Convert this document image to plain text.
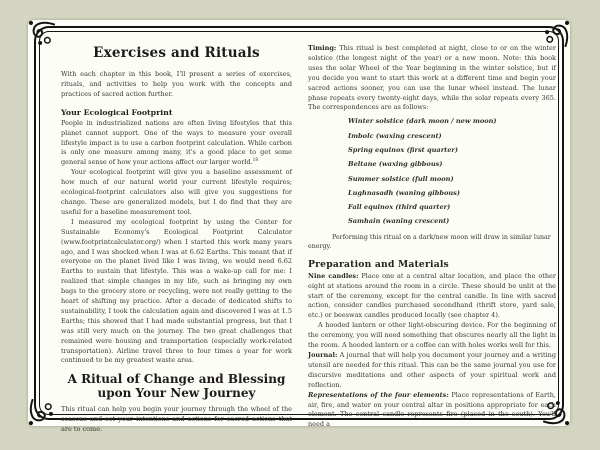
Exercises and Rituals

With each chapter in this book, I'll present a series of exercises, rituals, and activities to help you work with the concepts and practices of sacred action further.

Your Ecological Footprint

People in industrialized nations are often living lifestyles that this planet cannot support. One of the ways to measure your overall lifestyle impact is to use a carbon footprint calculation. While carbon is only one measure among many, it's a good place to get some general sense of how your actions affect our larger world.$^{18}$

Your ecological footprint will give you a baseline assessment of how much of our natural world your current lifestyle requires; ecological-footprint calculators also will give you suggestions for change. These are generalized models, but I do find that they are useful for a baseline measurement tool.

I measured my ecological footprint by using the Center for Sustainable Economy's Ecological Footprint Calculator (www.footprintcalculator.org/) when I started this work many years ago, and I was shocked when I was at 6.62 Earths. This meant that if everyone on the planet lived like I was living, we would need 6.62 Earths to sustain that lifestyle. This was a wake-up call for me: I realized that simple changes in my life, such as bringing my own bags to the grocery store or recycling, were not really getting to the heart of shifting my practice. After a decade of dedicated shifts to sustainability, I took the calculation again and discovered I was at 1.5 Earths; this showed that I had made substantial progress, but that I was still very much on the journey. The two great challenges that remained were housing and transportation (especially work-related transportation). Airline travel three to four times a year for work continued to be my greatest waste area.

A Ritual of Change and Blessing
upon Your New Journey

This ritual can help you begin your journey through the wheel of the seasons and set your intentions and actions for sacred actions that are to come.

Timing: This ritual is best completed at night, close to or on the winter solstice (the longest night of the year) or a new moon. Note: this book uses the solar Wheel of the Year beginning in the winter solstice, but if you decide you want to start this work at a different time and begin your sacred actions sooner, you can use the lunar wheel instead. The lunar phase repeats every twenty-eight days, while the solar repeats every 365. The correspondences are as follows:

Winter solstice (dark moon / new moon)
Imbolc (waxing crescent)
Spring equinox (first quarter)
Beltane (waxing gibbous)
Summer solstice (full moon)
Lughnasadh (waning gibbous)
Fall equinox (third quarter)
Samhain (waning crescent)

Performing this ritual on a dark/new moon will draw in similar lunar energy.

Preparation and Materials

Nine candles: Place one at a central altar location, and place the other eight at stations around the room in a circle. These should be unlit at the start of the ceremony, except for the central candle. In line with sacred action, consider candles purchased secondhand (thrift store, yard sale, etc.) or beeswax candles produced locally (see chapter 4).

A hooded lantern or other light-obscuring device. For the beginning of the ceremony, you will need something that obscures nearly all the light in the room. A hooded lantern or a coffee can with holes works well for this.

Journal: A journal that will help you document your journey and a writing utensil are needed for this ritual. This can be the same journal you use for discursive meditations and other aspects of your spiritual work and reflection.

Representations of the four elements: Place representations of Earth, air, fire, and water on your central altar in positions appropriate for each element. The central candle represents fire (placed in the south). You'll need a
